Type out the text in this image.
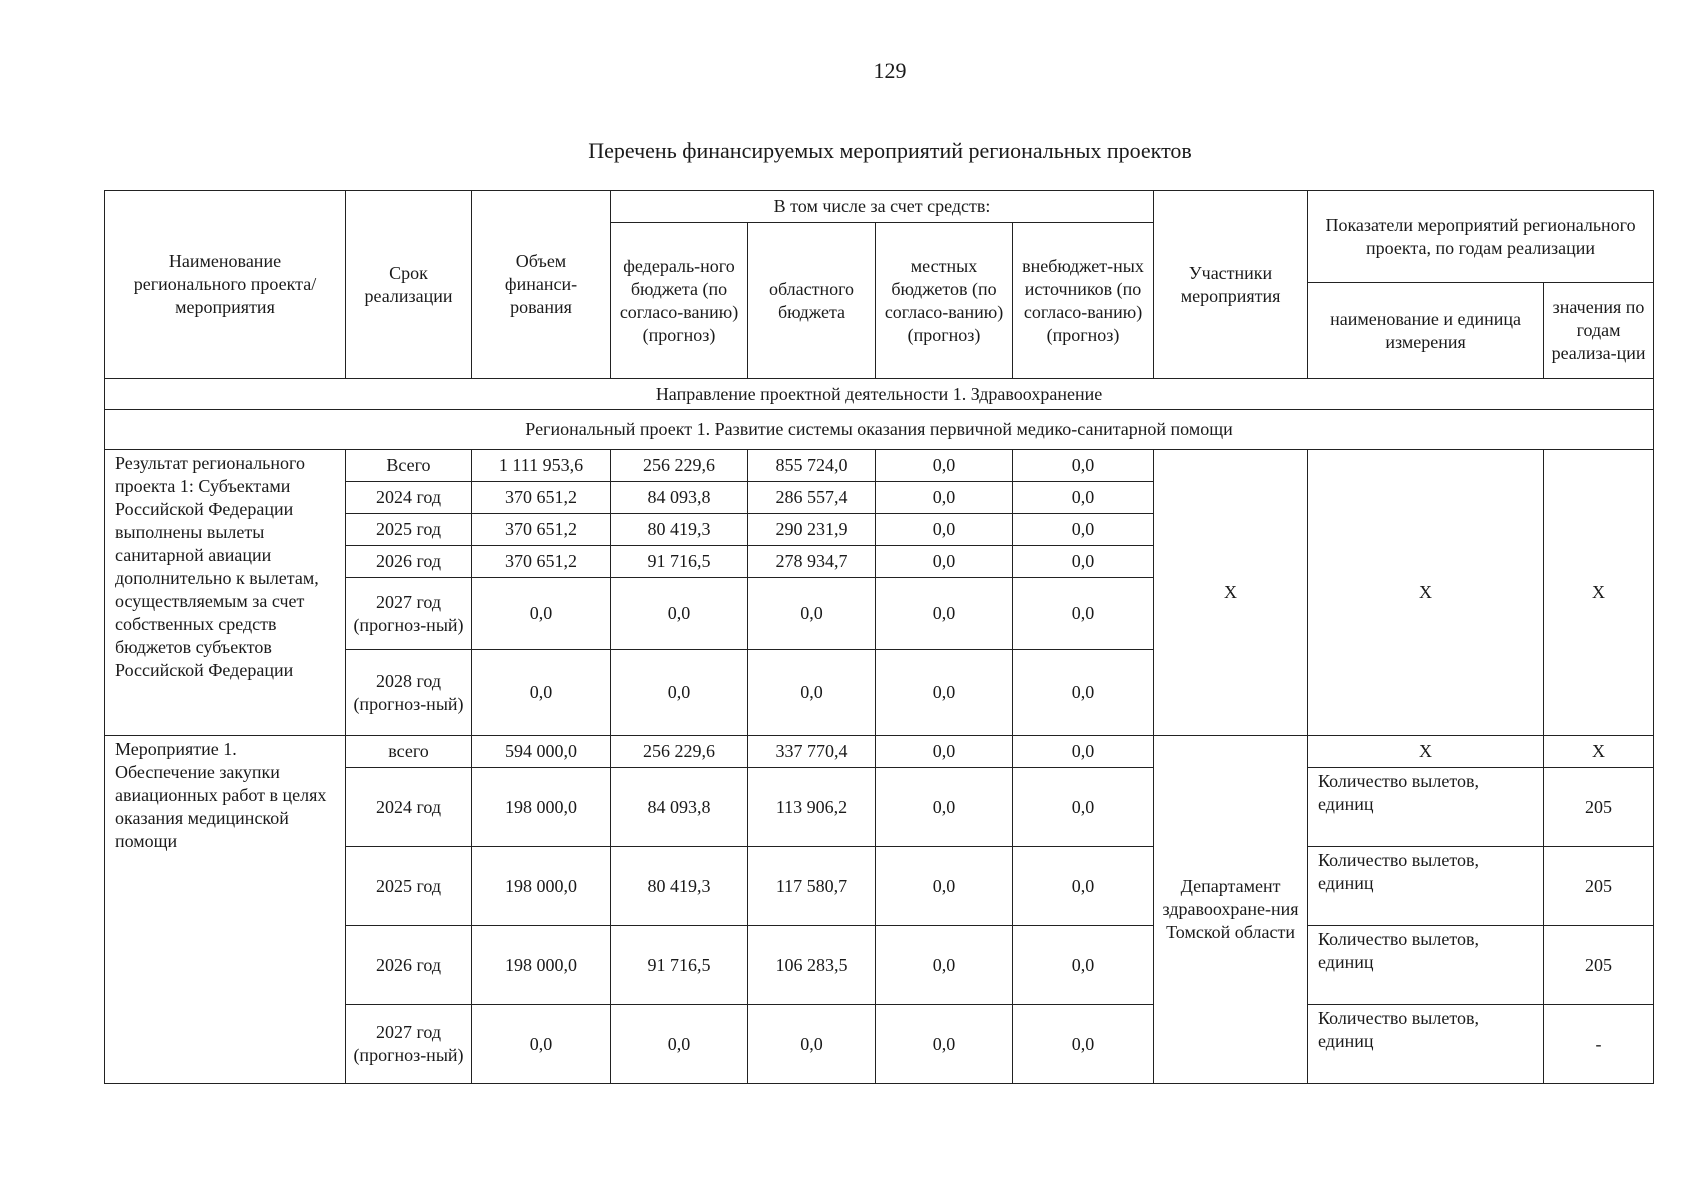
129
Перечень финансируемых мероприятий региональных проектов
Наименование регионального проекта/ мероприятия	Срок реализации	Объем финанси-рования	В том числе за счет средств:				Участники мероприятия	Показатели мероприятий регионального проекта, по годам реализации	
			федераль-ного бюджета (по согласо-ванию) (прогноз)	областного бюджета	местных бюджетов (по согласо-ванию) (прогноз)	внебюджет-ных источников (по согласо-ванию) (прогноз)			
								наименование и единица измерения	значения по годам реализа-ции
Направление проектной деятельности 1. Здравоохранение									
Региональный проект 1. Развитие системы оказания первичной медико-санитарной помощи									
Результат регионального проекта 1: Субъектами Российской Федерации выполнены вылеты санитарной авиации дополнительно к вылетам, осуществляемым за счет собственных средств бюджетов субъектов Российской Федерации	Всего	1 111 953,6	256 229,6	855 724,0	0,0	0,0	X	X	X
	2024 год	370 651,2	84 093,8	286 557,4	0,0	0,0			
	2025 год	370 651,2	80 419,3	290 231,9	0,0	0,0			
	2026 год	370 651,2	91 716,5	278 934,7	0,0	0,0			
	2027 год (прогноз-ный)	0,0	0,0	0,0	0,0	0,0			
	2028 год (прогноз-ный)	0,0	0,0	0,0	0,0	0,0			
Мероприятие 1. Обеспечение закупки авиационных работ в целях оказания медицинской помощи	всего	594 000,0	256 229,6	337 770,4	0,0	0,0	Департамент здравоохране-ния Томской области	X	X
	2024 год	198 000,0	84 093,8	113 906,2	0,0	0,0		Количество вылетов, единиц	205
	2025 год	198 000,0	80 419,3	117 580,7	0,0	0,0		Количество вылетов, единиц	205
	2026 год	198 000,0	91 716,5	106 283,5	0,0	0,0		Количество вылетов, единиц	205
	2027 год (прогноз-ный)	0,0	0,0	0,0	0,0	0,0		Количество вылетов, единиц	-
